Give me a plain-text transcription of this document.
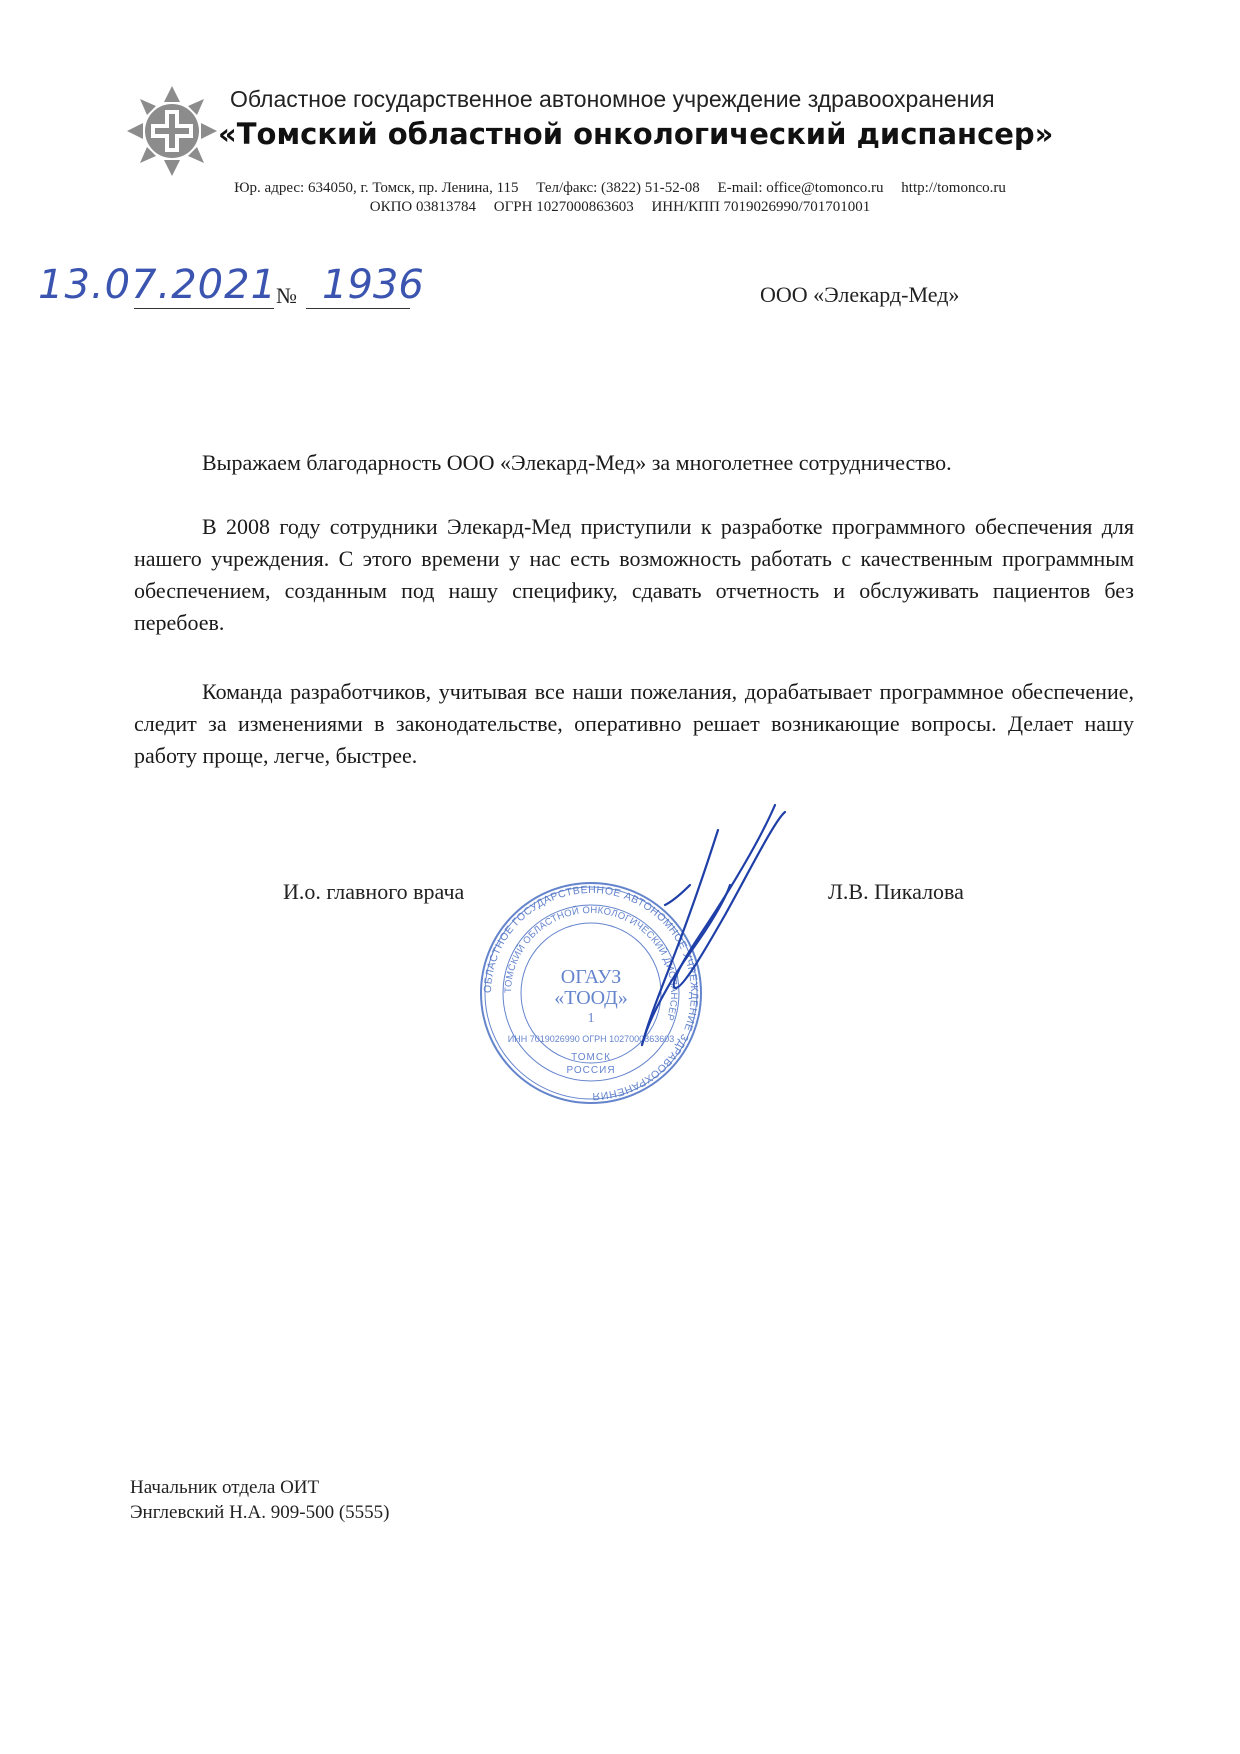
Областное государственное автономное учреждение здравоохранения
«Томский областной онкологический диспансер»
Юр. адрес: 634050, г. Томск, пр. Ленина, 115 Тел/факс: (3822) 51-52-08 E-mail: office@tomonco.ru http://tomonco.ru
ОКПО 03813784 ОГРН 1027000863603 ИНН/КПП 7019026990/701701001
13.07.2021
№ 1936	ООО «Элекард-Мед»
Выражаем благодарность ООО «Элекард-Мед» за многолетнее сотрудничество.
В 2008 году сотрудники Элекард-Мед приступили к разработке программного обеспечения для нашего учреждения. С этого времени у нас есть возможность работать с качественным программным обеспечением, созданным под нашу специфику, сдавать отчетность и обслуживать пациентов без перебоев.
Команда разработчиков, учитывая все наши пожелания, дорабатывает программное обеспечение, следит за изменениями в законодательстве, оперативно решает возникающие вопросы. Делает нашу работу проще, легче, быстрее.
И.о. главного врача	Л.В. Пикалова
ОБЛАСТНОЕ ГОСУДАРСТВЕННОЕ АВТОНОМНОЕ УЧРЕЖДЕНИЕ ЗДРАВООХРАНЕНИЯ
ТОМСКИЙ ОБЛАСТНОЙ ОНКОЛОГИЧЕСКИЙ ДИСПАНСЕР
ОГАУЗ
«ТООД»
1
ИНН 7019026990 ОГРН 1027000863603
ТОМСК
РОССИЯ
Начальник отдела ОИТ
Энглевский Н.А. 909-500 (5555)
